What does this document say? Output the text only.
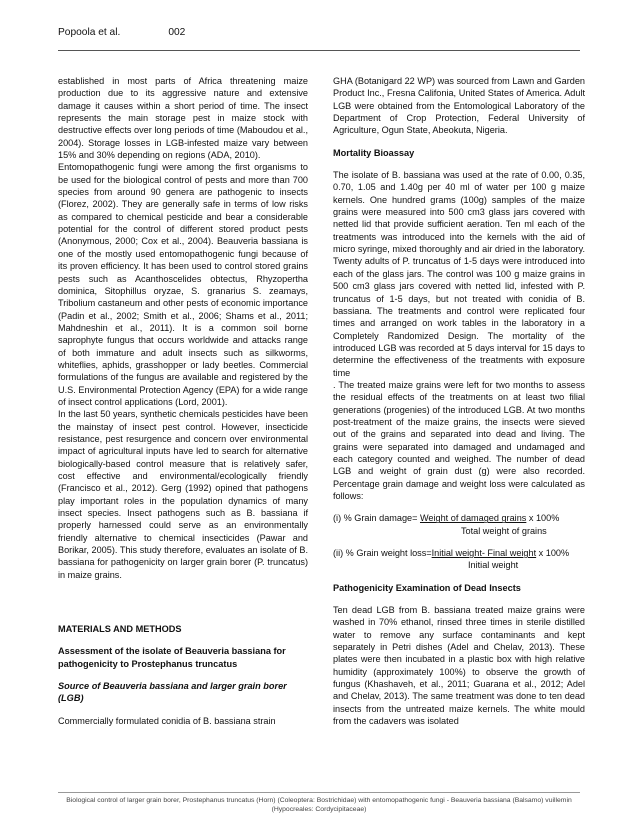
Popoola et al.	002

established in most parts of Africa threatening maize production due to its aggressive nature and extensive damage it causes within a short period of time. The insect represents the main storage pest in maize stock with destructive effects over long periods of time (Maboudou et al., 2004). Storage losses in LGB-infested maize vary between 15% and 30% depending on regions (ADA, 2010).

Entomopathogenic fungi were among the first organisms to be used for the biological control of pests and more than 700 species from around 90 genera are pathogenic to insects (Florez, 2002). They are generally safe in terms of low risks as compared to chemical pesticide and bear a considerable potential for the control of different stored product pests (Anonymous, 2000; Cox et al., 2004). Beauveria bassiana is one of the mostly used entomopathogenic fungi because of its proven efficiency. It has been used to control stored grains pests such as Acanthoscelides obtectus, Rhyzopertha dominica, Sitophillus oryzae, S. granarius S. zeamays, Tribolium castaneum and other pests of economic importance (Padin et al., 2002; Smith et al., 2006; Shams et al., 2011; Mahdneshin et al., 2011). It is a common soil borne saprophyte fungus that occurs worldwide and attacks range of both immature and adult insects such as silkworms, whiteflies, aphids, grasshopper or lady beetles. Commercial formulations of the fungus are available and registered by the U.S. Environmental Protection Agency (EPA) for a wide range of insect control applications (Lord, 2001).

In the last 50 years, synthetic chemicals pesticides have been the mainstay of insect pest control. However, insecticide resistance, pest resurgence and concern over environmental impact of agricultural inputs have led to search for alternative biologically-based control measure that is relatively safer, cost effective and environmental/ecologically friendly (Francisco et al., 2012). Gerg (1992) opined that pathogens play important roles in the population dynamics of many insect species. Insect pathogens such as B. bassiana if properly harnessed could serve as an environmentally friendly alternative to chemical insecticides (Pawar and Borikar, 2005). This study therefore, evaluates an isolate of B. bassiana for pathogenicity on larger grain borer (P. truncatus) in maize grains.

MATERIALS AND METHODS
Assessment of the isolate of Beauveria bassiana for pathogenicity to Prostephanus truncatus
Source of Beauveria bassiana and larger grain borer (LGB)

Commercially formulated conidia of B. bassiana strain

GHA (Botanigard 22 WP) was sourced from Lawn and Garden Product Inc., Fresna Califonia, United States of America. Adult LGB were obtained from the Entomological Laboratory of the Department of Crop Protection, Federal University of Agriculture, Ogun State, Abeokuta, Nigeria.

Mortality Bioassay

The isolate of B. bassiana was used at the rate of 0.00, 0.35, 0.70, 1.05 and 1.40g per 40 ml of water per 100 g maize kernels. One hundred grams (100g) samples of the maize grains were measured into 500 cm3 glass jars covered with netted lid that provide sufficient aeration. Ten ml each of the treatments was introduced into the kernels with the aid of micro syringe, mixed thoroughly and air dried in the laboratory. Twenty adults of P. truncatus of 1-5 days were introduced into each of the glass jars. The control was 100 g maize grains in 500 cm3 glass jars covered with netted lid, infested with P. truncatus of 1-5 days, but not treated with conidia of B. bassiana. The treatments and control were replicated four times and arranged on work tables in the laboratory in a Completely Randomized Design. The mortality of the introduced LGB was recorded at 5 days interval for 15 days to determine the effectiveness of the treatments with exposure time

. The treated maize grains were left for two months to assess the residual effects of the treatments on at least two filial generations (progenies) of the introduced LGB. At two months post-treatment of the maize grains, the insects were sieved out of the grains and separated into dead and living. The grains were separated into damaged and undamaged and each category counted and weighed. The number of dead LGB and weight of grain dust (g) were also recorded. Percentage grain damage and weight loss were calculated as follows:

(i) % Grain damage= Weight of damaged grains x 100%
Total weight of grains
(ii) % Grain weight loss=Initial weight- Final weight x 100%
Initial weight
Pathogenicity Examination of Dead Insects

Ten dead LGB from B. bassiana treated maize grains were washed in 70% ethanol, rinsed three times in sterile distilled water to remove any surface contaminants and kept separately in Petri dishes (Adel and Chelav, 2013). These plates were then incubated in a plastic box with high relative humidity (approximately 100%) to observe the growth of fungus (Khashaveh, et al., 2011; Guarana et al., 2012; Adel and Chelav, 2013). The same treatment was done to ten dead insects from the untreated maize kernels. The white mould from the cadavers was isolated

Biological control of larger grain borer, Prostephanus truncatus (Horn) (Coleoptera: Bostrichidae) with entomopathogenic fungi - Beauveria bassiana (Balsamo) vuillemin (Hypocreales: Cordycipitaceae)
